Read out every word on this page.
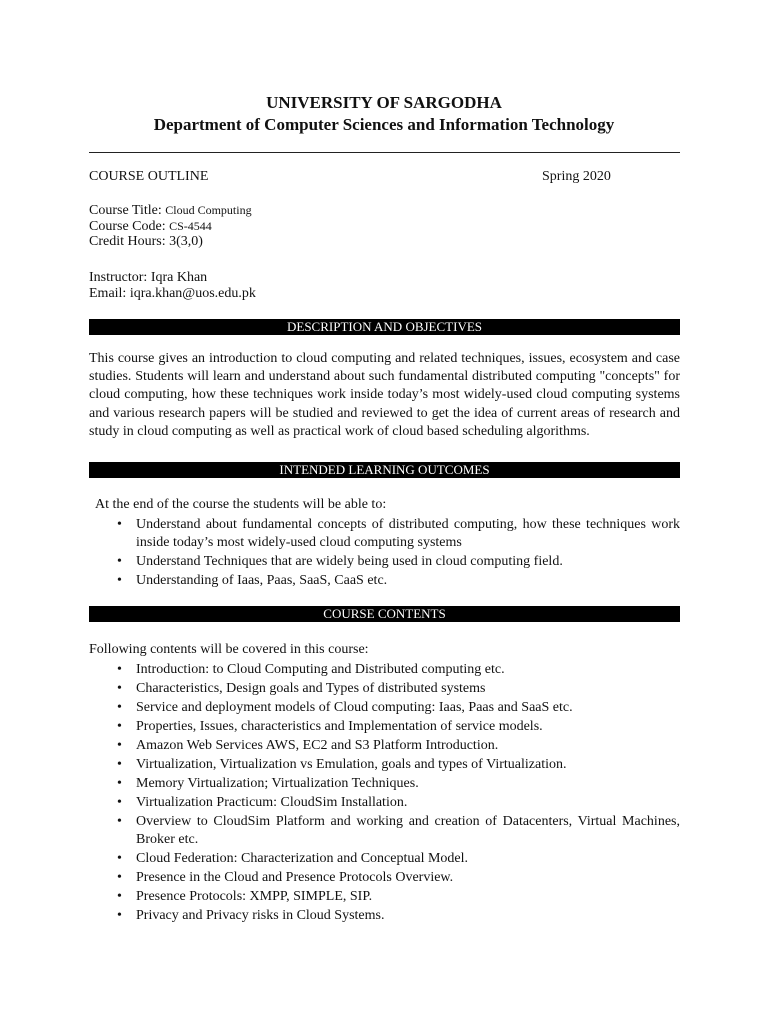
UNIVERSITY OF SARGODHA
Department of Computer Sciences and Information Technology
COURSE OUTLINE	Spring 2020
Course Title: Cloud Computing
Course Code: CS-4544
Credit Hours: 3(3,0)
Instructor: Iqra Khan
Email: iqra.khan@uos.edu.pk
DESCRIPTION AND OBJECTIVES

This course gives an introduction to cloud computing and related techniques, issues, ecosystem and case studies. Students will learn and understand about such fundamental distributed computing "concepts" for cloud computing, how these techniques work inside today’s most widely-used cloud computing systems and various research papers will be studied and reviewed to get the idea of current areas of research and study in cloud computing as well as practical work of cloud based scheduling algorithms.

INTENDED LEARNING OUTCOMES
At the end of the course the students will be able to:
• Understand about fundamental concepts of distributed computing, how these techniques work inside today’s most widely-used cloud computing systems
• Understand Techniques that are widely being used in cloud computing field.
• Understanding of Iaas, Paas, SaaS, CaaS etc.
COURSE CONTENTS
Following contents will be covered in this course:
• Introduction: to Cloud Computing and Distributed computing etc.
• Characteristics, Design goals and Types of distributed systems
• Service and deployment models of Cloud computing: Iaas, Paas and SaaS etc.
• Properties, Issues, characteristics and Implementation of service models.
• Amazon Web Services AWS, EC2 and S3 Platform Introduction.
• Virtualization, Virtualization vs Emulation, goals and types of Virtualization.
• Memory Virtualization; Virtualization Techniques.
• Virtualization Practicum: CloudSim Installation.
• Overview to CloudSim Platform and working and creation of Datacenters, Virtual Machines, Broker etc.
• Cloud Federation: Characterization and Conceptual Model.
• Presence in the Cloud and Presence Protocols Overview.
• Presence Protocols: XMPP, SIMPLE, SIP.
• Privacy and Privacy risks in Cloud Systems.
